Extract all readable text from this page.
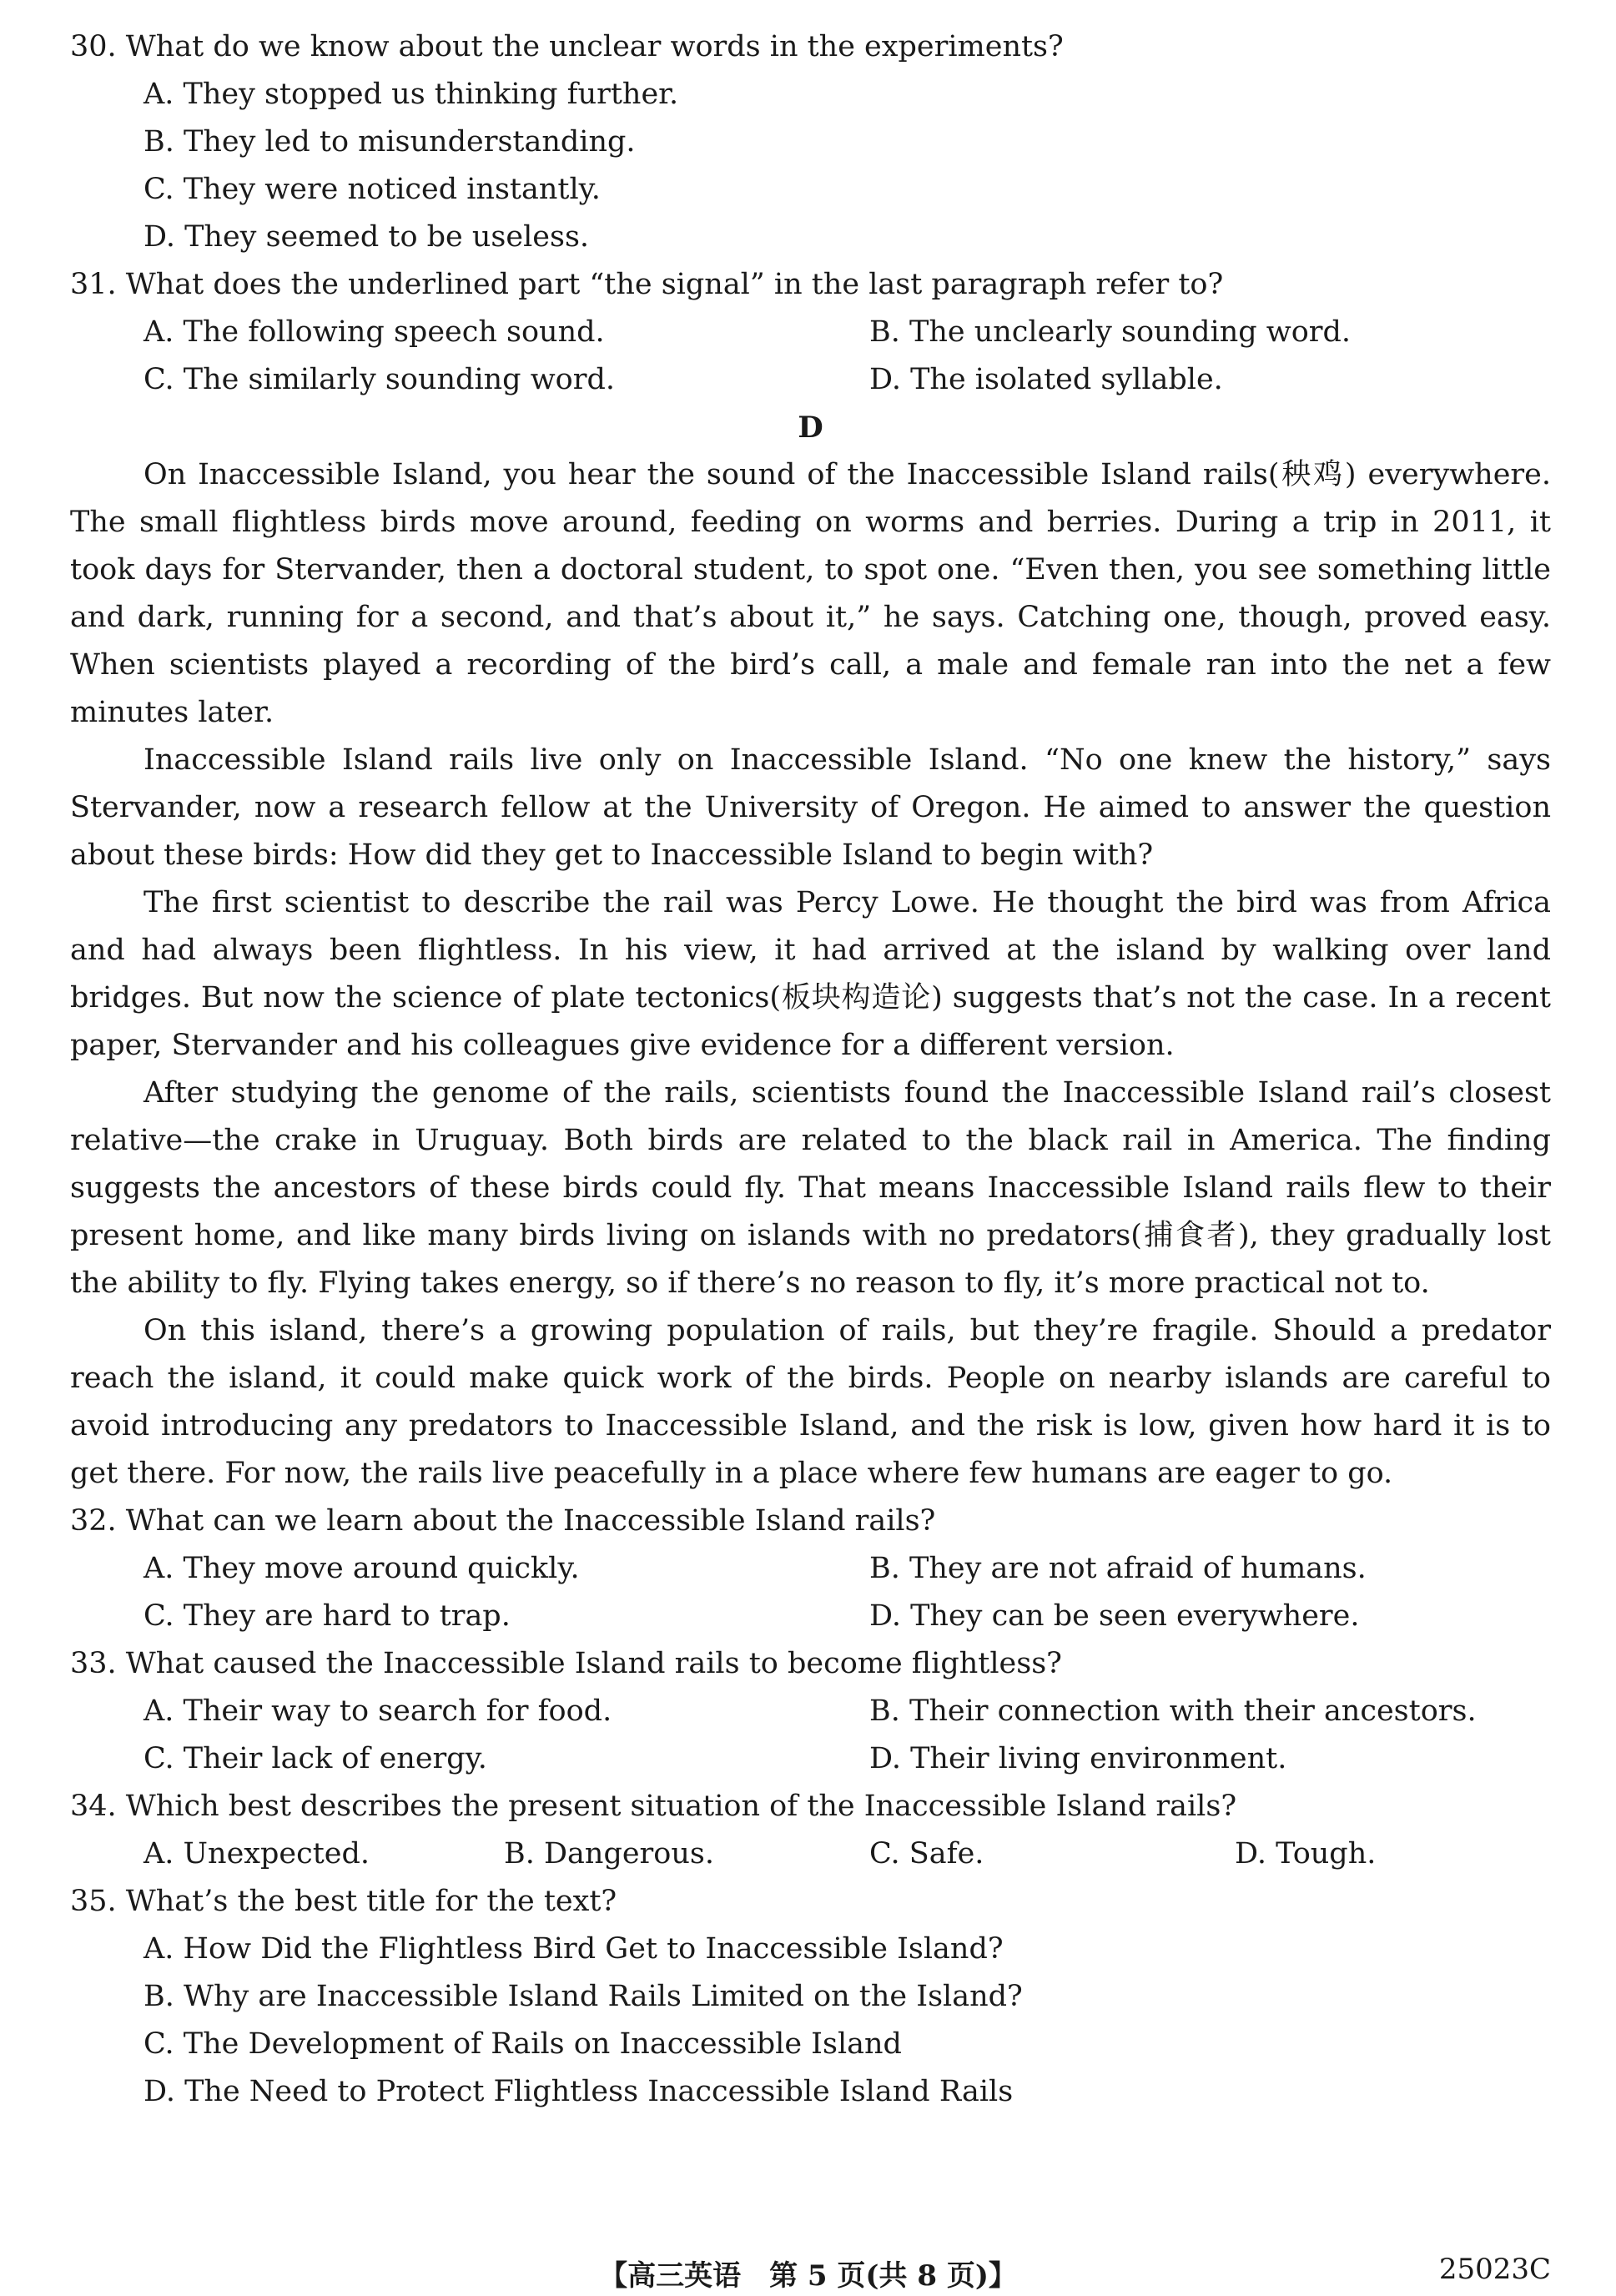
30. What do we know about the unclear words in the experiments?
A. They stopped us thinking further.
B. They led to misunderstanding.
C. They were noticed instantly.
D. They seemed to be useless.
31. What does the underlined part “the signal” in the last paragraph refer to?
A. The following speech sound.	B. The unclearly sounding word.
C. The similarly sounding word.	D. The isolated syllable.
D

On Inaccessible Island, you hear the sound of the Inaccessible Island rails(秧鸡) everywhere. The small flightless birds move around, feeding on worms and berries. During a trip in 2011, it took days for Stervander, then a doctoral student, to spot one. “Even then, you see something little and dark, running for a second, and that’s about it,” he says. Catching one, though, proved easy. When scientists played a recording of the bird’s call, a male and female ran into the net a few minutes later.

Inaccessible Island rails live only on Inaccessible Island. “No one knew the history,” says Stervander, now a research fellow at the University of Oregon. He aimed to answer the question about these birds: How did they get to Inaccessible Island to begin with?

The first scientist to describe the rail was Percy Lowe. He thought the bird was from Africa and had always been flightless. In his view, it had arrived at the island by walking over land bridges. But now the science of plate tectonics(板块构造论) suggests that’s not the case. In a recent paper, Stervander and his colleagues give evidence for a different version.

After studying the genome of the rails, scientists found the Inaccessible Island rail’s closest relative—the crake in Uruguay. Both birds are related to the black rail in America. The finding suggests the ancestors of these birds could fly. That means Inaccessible Island rails flew to their present home, and like many birds living on islands with no predators(捕食者), they gradually lost the ability to fly. Flying takes energy, so if there’s no reason to fly, it’s more practical not to.

On this island, there’s a growing population of rails, but they’re fragile. Should a predator reach the island, it could make quick work of the birds. People on nearby islands are careful to avoid introducing any predators to Inaccessible Island, and the risk is low, given how hard it is to get there. For now, the rails live peacefully in a place where few humans are eager to go.

32. What can we learn about the Inaccessible Island rails?
A. They move around quickly.	B. They are not afraid of humans.
C. They are hard to trap.	D. They can be seen everywhere.
33. What caused the Inaccessible Island rails to become flightless?
A. Their way to search for food.	B. Their connection with their ancestors.
C. Their lack of energy.	D. Their living environment.
34. Which best describes the present situation of the Inaccessible Island rails?
A. Unexpected.	B. Dangerous.	C. Safe.	D. Tough.
35. What’s the best title for the text?
A. How Did the Flightless Bird Get to Inaccessible Island?
B. Why are Inaccessible Island Rails Limited on the Island?
C. The Development of Rails on Inaccessible Island
D. The Need to Protect Flightless Inaccessible Island Rails
【高三英语　第 5 页(共 8 页)】	25023C
